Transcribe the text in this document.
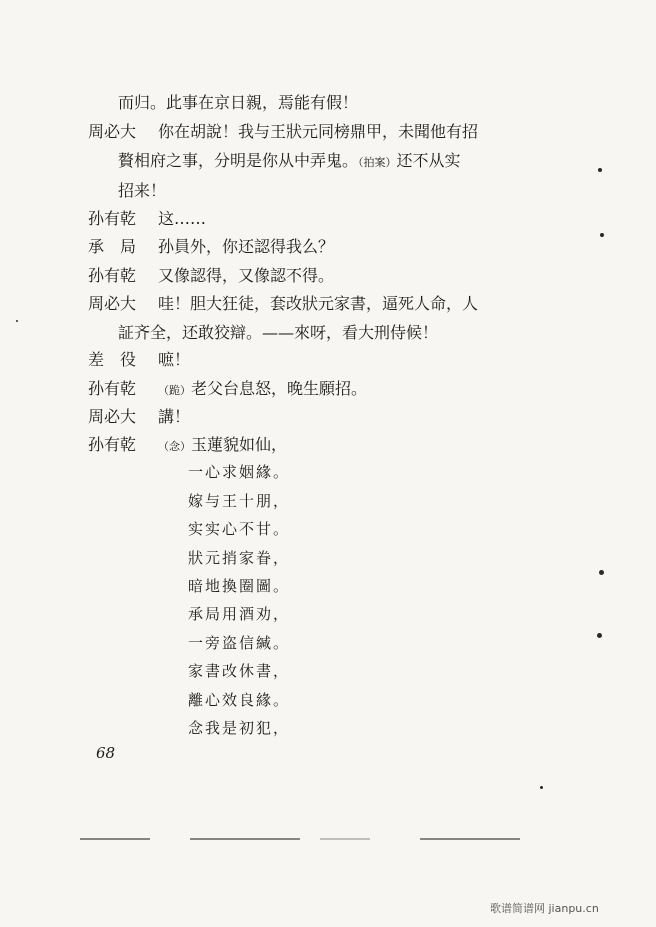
而归。此事在京日親，焉能有假！
周必大 你在胡說！我与王狀元同榜鼎甲，未聞他有招
贅相府之事，分明是你从中弄鬼。（拍案）还不从实
招来！
孙有乾 这……
承　局 孙員外，你还認得我么？
孙有乾 又像認得，又像認不得。
周必大 哇！胆大狂徒，套改狀元家書，逼死人命，人
証齐全，还敢狡辯。——來呀，看大刑侍候！
差　役 嗻！
孙有乾 （跪）老父台息怒，晚生願招。
周必大 講！
孙有乾 （念）玉蓮貌如仙，
一心求姻緣。
嫁与王十朋，
实实心不甘。
狀元捎家眷，
暗地換圈圖。
承局用酒劝，
一旁盗信緘。
家書改休書，
離心效良緣。
念我是初犯，
68
歌谱简谱网 jianpu.cn
